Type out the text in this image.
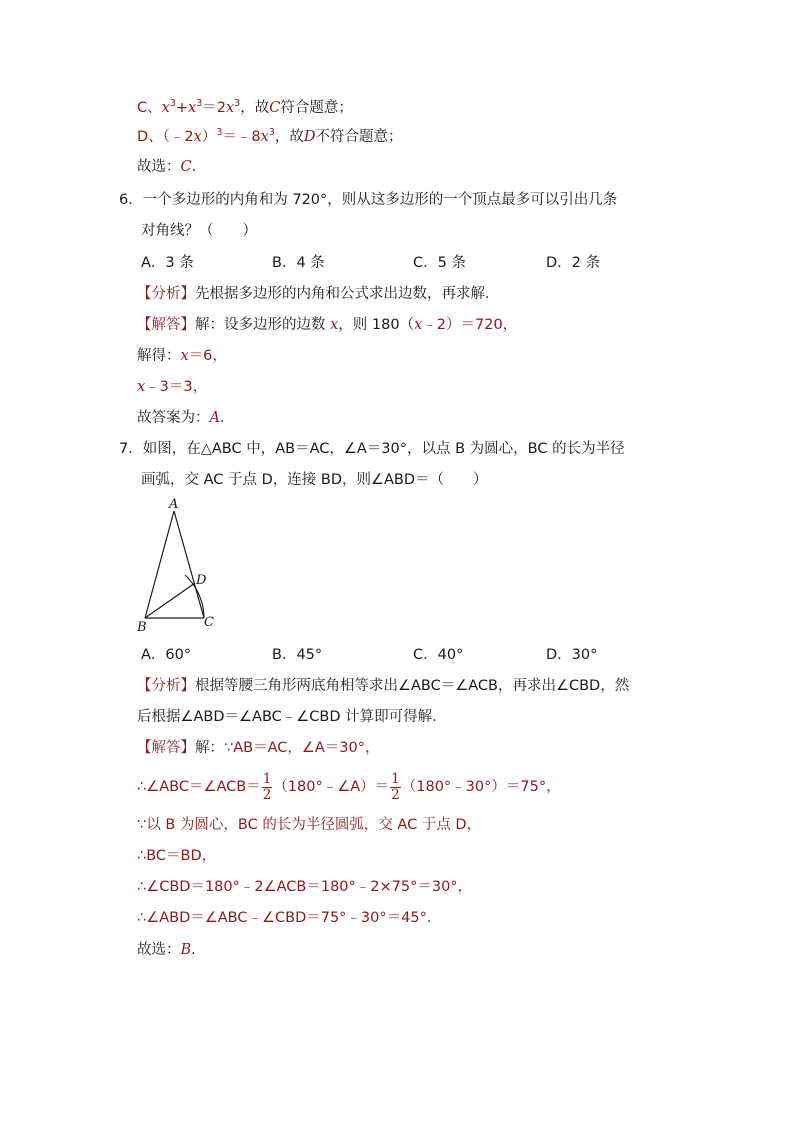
C、$x^3+x^3=2x^3$，故C符合题意；
D、$(﹣2x)^3=﹣8x^3$，故D不符合题意；
故选：C．
6．一个多边形的内角和为 720°，则从这多边形的一个顶点最多可以引出几条
对角线？（　　）
A．3 条	B．4 条	C．5 条	D．2 条
【分析】先根据多边形的内角和公式求出边数，再求解．
【解答】解：设多边形的边数 x，则 180（x﹣2）＝720，
解得：x＝6，
x﹣3＝3，
故答案为：A．
7．如图，在△ABC 中，AB＝AC，∠A＝30°，以点 B 为圆心，BC 的长为半径
画弧，交 AC 于点 D，连接 BD，则∠ABD＝（　　）
A
B	C
D
A．60°	B．45°	C．40°	D．30°
【分析】根据等腰三角形两底角相等求出∠ABC＝∠ACB，再求出∠CBD，然
后根据∠ABD＝∠ABC﹣∠CBD 计算即可得解．
【解答】解：∵AB＝AC，∠A＝30°，
∴∠ABC＝∠ACB＝ $\frac{1}{2}$ （180°﹣∠A）＝ $\frac{1}{2}$ （180°﹣30°）＝75°，
∵以 B 为圆心，BC 的长为半径圆弧，交 AC 于点 D，
∴BC＝BD，
∴∠CBD＝180°﹣2∠ACB＝180°﹣2×75°＝30°，
∴∠ABD＝∠ABC﹣∠CBD＝75°﹣30°＝45°．
故选：B．
